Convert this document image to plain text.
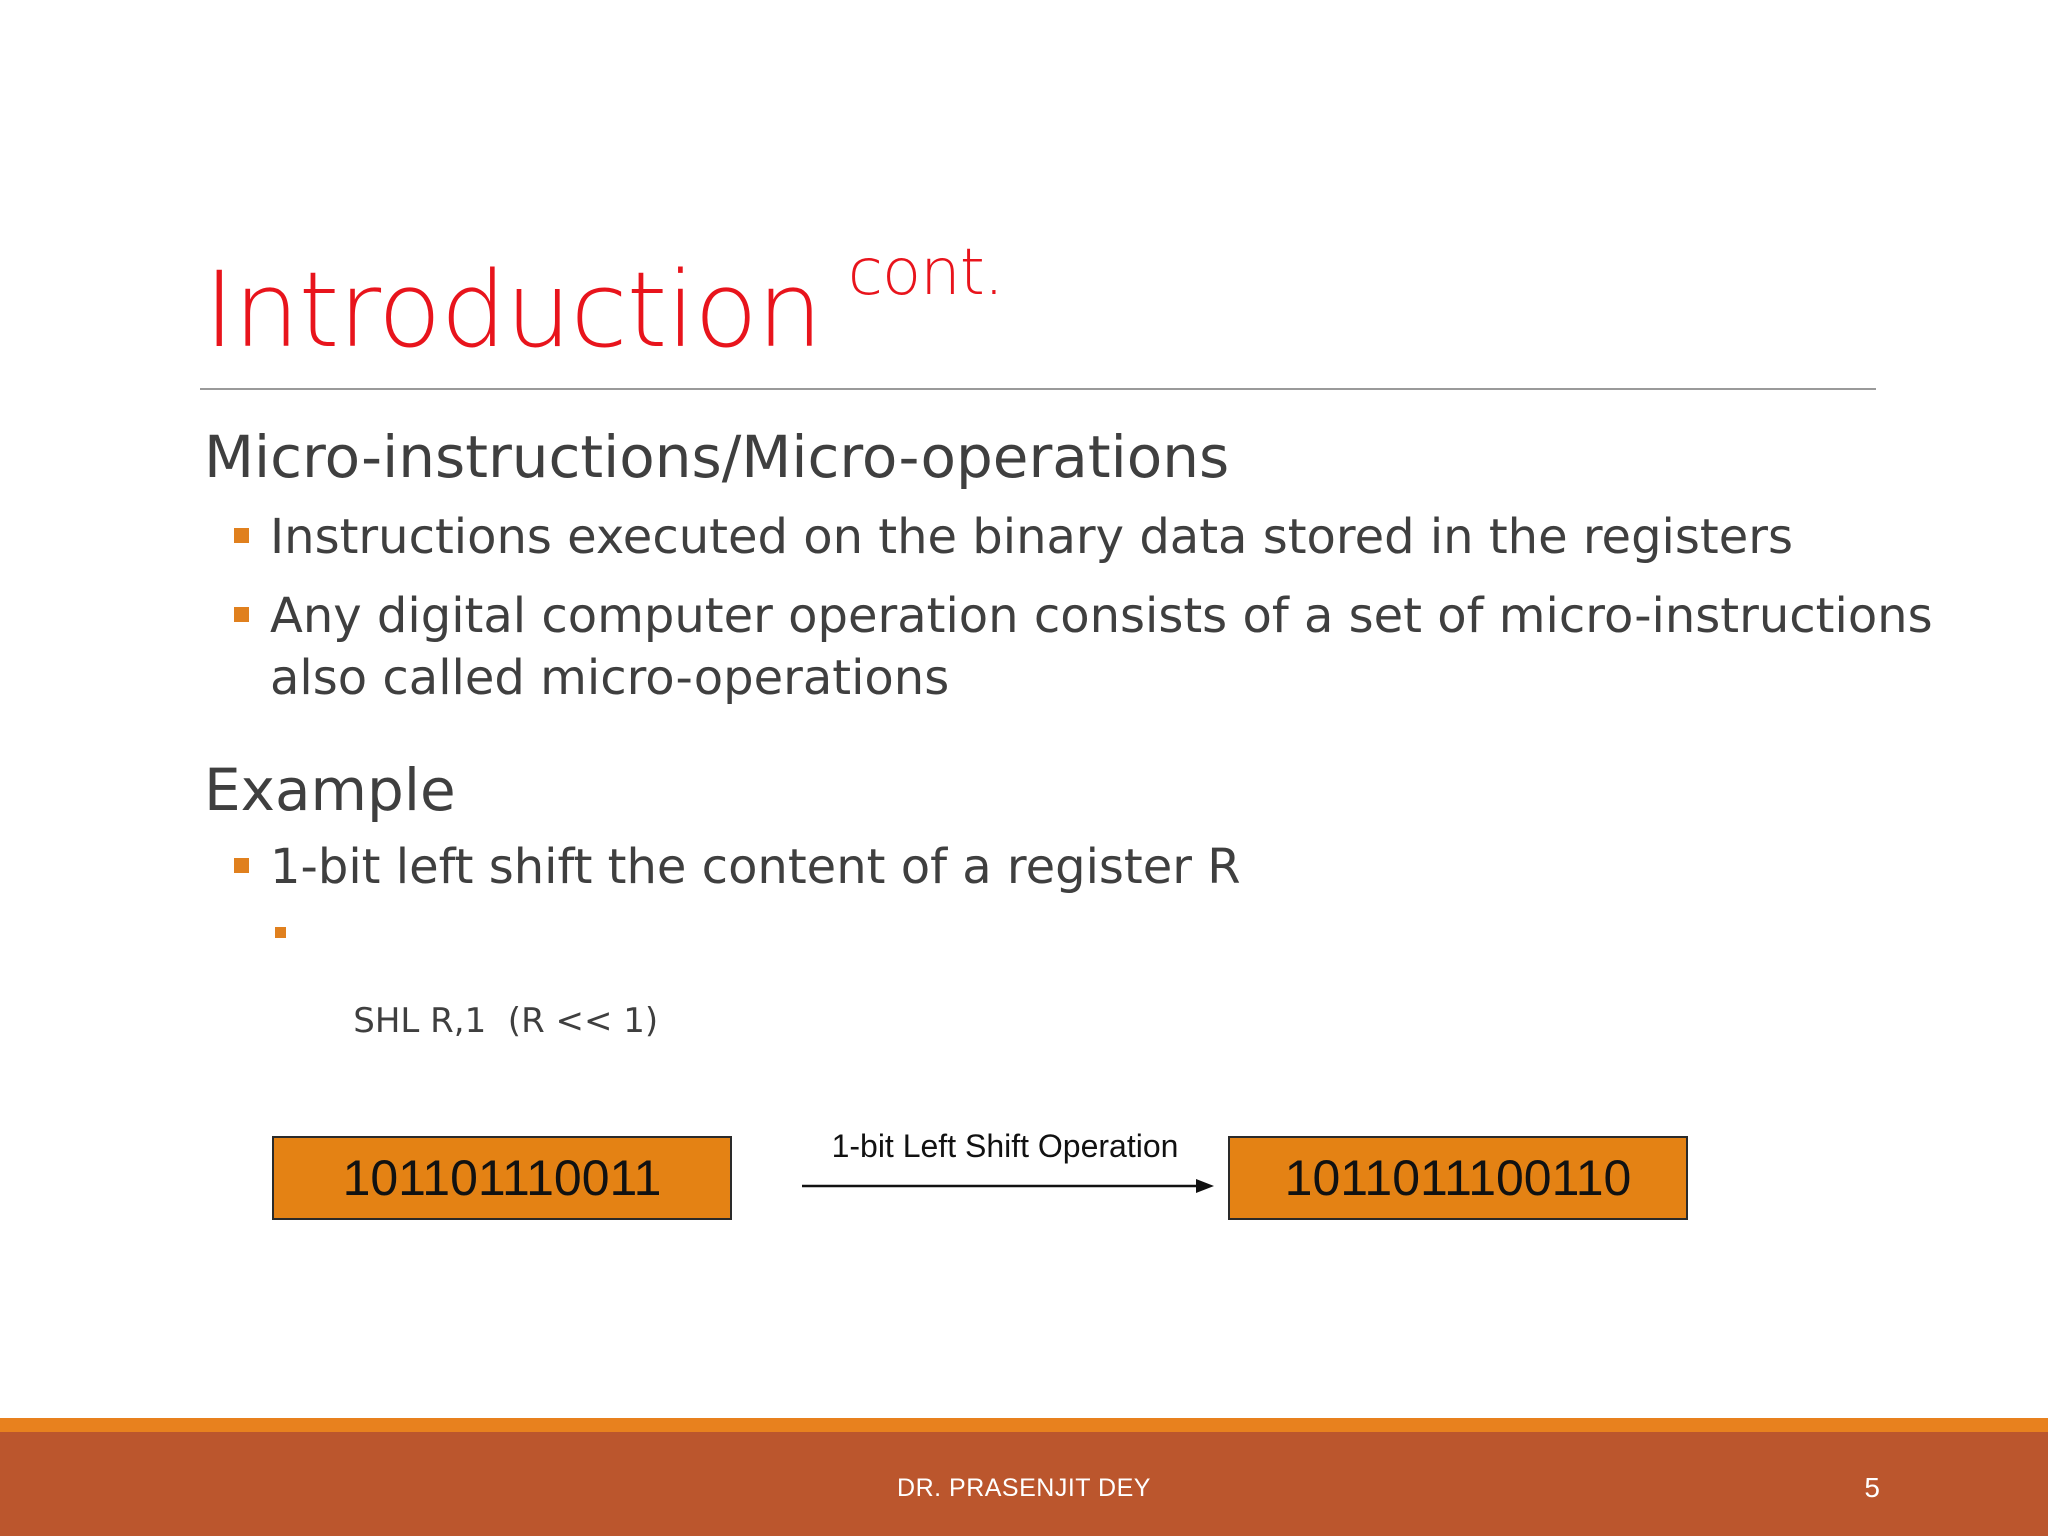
Introduction $^{cont.}$
Micro-instructions/Micro-operations
Instructions executed on the binary data stored in the registers
Any digital computer operation consists of a set of micro-instructions
also called micro-operations
Example
1-bit left shift the content of a register R

SHL R,1  (R << 1)

101101110011
1-bit Left Shift Operation
1011011100110
DR. PRASENJIT DEY	5
